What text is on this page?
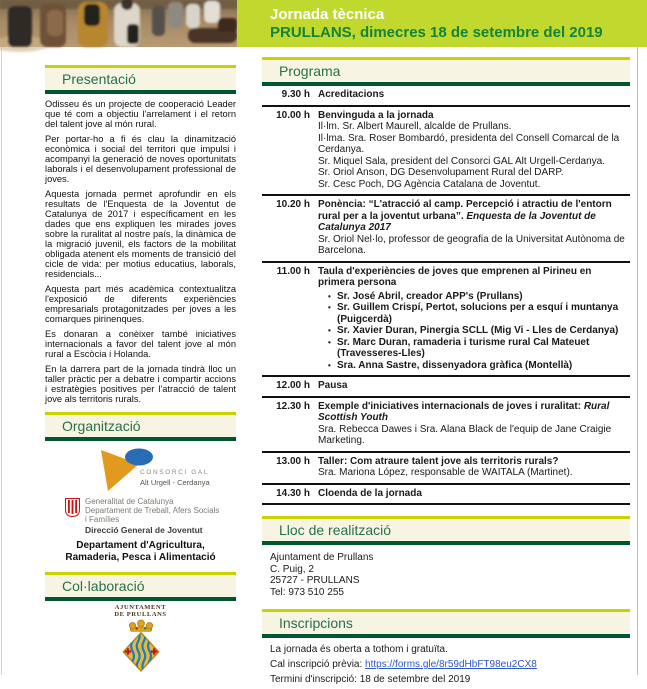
Jornada tècnica
PRULLANS, dimecres 18 de setembre del 2019
Presentació
Odisseu és un projecte de cooperació Leader que té com a objectiu l'arrelament i el retorn del talent jove al món rural.
Per portar-ho a fi és clau la dinamització econòmica i social del territori que impulsi i acompanyi la generació de noves oportunitats laborals i el desenvolupament professional de joves.
Aquesta jornada permet aprofundir en els resultats de l'Enquesta de la Joventut de Catalunya de 2017 i específicament en les dades que ens expliquen les mirades joves sobre la ruralitat al nostre país, la dinàmica de la migració juvenil, els factors de la mobilitat obligada atenent els moments de transició del cicle de vida: per motius educatius, laborals, residencials...
Aquesta part més acadèmica contextualitza l'exposició de diferents experiències empresarials protagonitzades per joves a les comarques pirinenques.
Es donaran a conèixer també iniciatives internacionals a favor del talent jove al món rural a Escòcia i Holanda.
En la darrera part de la jornada tindrà lloc un taller pràctic per a debatre i compartir accions i estratègies positives per l'atracció de talent jove als territoris rurals.
Organització
CONSORCI GAL
Alt Urgell - Cerdanya
Generalitat de Catalunya
Departament de Treball, Afers Socials
i Famílies
Direcció General de Joventut
Departament d'Agricultura,
Ramaderia, Pesca i Alimentació
Col·laboració
AJUNTAMENT
DE PRULLANS
Programa
9.30 h Acreditacions
10.00 h Benvinguda a la jornada
Il·lm. Sr. Albert Maurell, alcalde de Prullans.
Il·lma. Sra. Roser Bombardó, presidenta del Consell Comarcal de la Cerdanya.
Sr. Miquel Sala, president del Consorci GAL Alt Urgell-Cerdanya.
Sr. Oriol Anson, DG Desenvolupament Rural del DARP.
Sr. Cesc Poch, DG Agència Catalana de Joventut.
10.20 h Ponència: “L'atracció al camp. Percepció i atractiu de l'entorn rural per a la joventut urbana”. Enquesta de la Joventut de Catalunya 2017
Sr. Oriol Nel·lo, professor de geografia de la Universitat Autònoma de Barcelona.
11.00 h Taula d'experiències de joves que emprenen al Pirineu en primera persona
• Sr. José Abril, creador APP's (Prullans)
• Sr. Guillem Crispí, Pertot, solucions per a esquí i muntanya (Puigcerdà)
• Sr. Xavier Duran, Pinergia SCLL (Mig Vi - Lles de Cerdanya)
• Sr. Marc Duran, ramaderia i turisme rural Cal Mateuet (Travesseres-Lles)
• Sra. Anna Sastre, dissenyadora gràfica (Montellà)
12.00 h Pausa
12.30 h Exemple d'iniciatives internacionals de joves i ruralitat: Rural Scottish Youth
Sra. Rebecca Dawes i Sra. Alana Black de l'equip de Jane Craigie Marketing.
13.00 h Taller: Com atraure talent jove als territoris rurals?
Sra. Mariona López, responsable de WAITALA (Martinet).
14.30 h Cloenda de la jornada
Lloc de realització
Ajuntament de Prullans
C. Puig, 2
25727 - PRULLANS
Tel: 973 510 255
Inscripcions
La jornada és oberta a tothom i gratuïta.
Cal inscripció prèvia: https://forms.gle/8r59dHbFT98eu2CX8
Termini d'inscripció: 18 de setembre del 2019
